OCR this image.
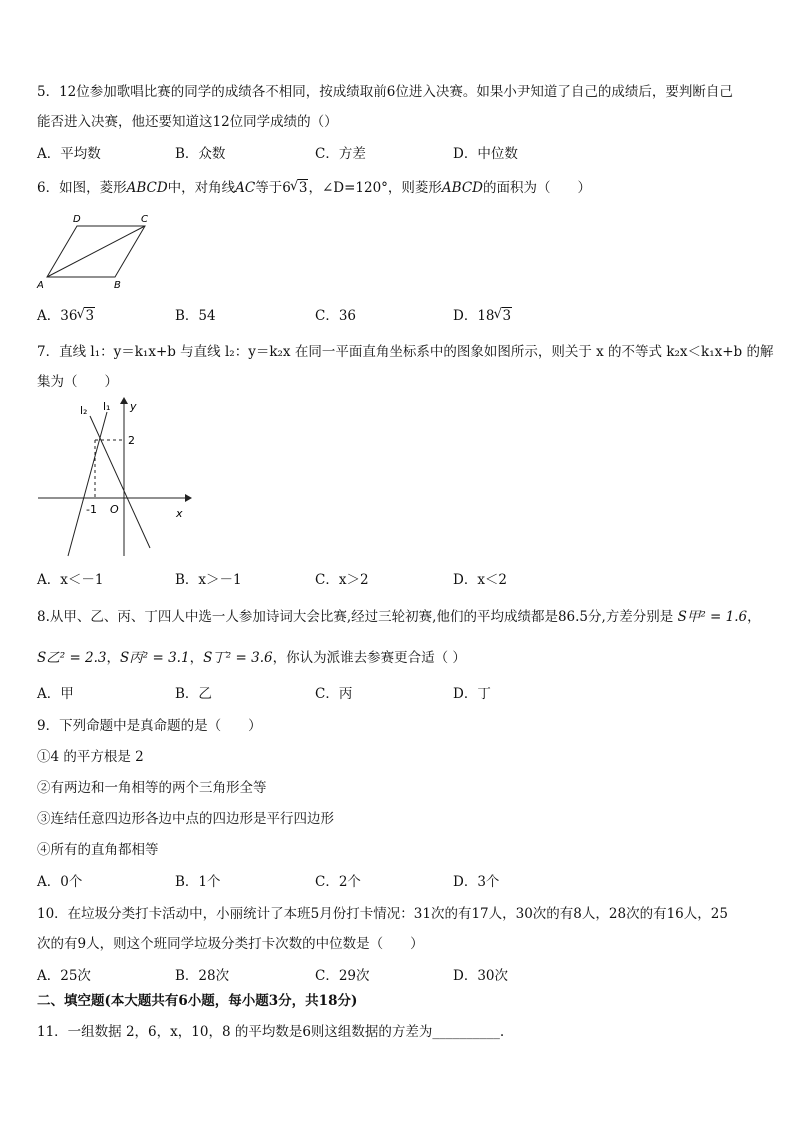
5．12位参加歌唱比赛的同学的成绩各不相同，按成绩取前6位进入决赛。如果小尹知道了自己的成绩后，要判断自己
能否进入决赛，他还要知道这12位同学成绩的（）
A．平均数	B．众数	C．方差	D．中位数
6．如图，菱形ABCD中，对角线AC等于6 √ 3，∠D=120°，则菱形ABCD的面积为（　　）
A	B
C
D
A．36 √ 3	B．54	C．36	D．18 √ 3
7．直线 l₁：y＝k₁x+b 与直线 l₂：y＝k₂x 在同一平面直角坐标系中的图象如图所示，则关于 x 的不等式 k₂x＜k₁x+b 的解
集为（　　）
l₂ l₁ y
2
-1 O	x
A．x＜－1	B．x＞－1	C．x＞2	D．x＜2
8.从甲、乙、丙、丁四人中选一人参加诗词大会比赛,经过三轮初赛,他们的平均成绩都是86.5分,方差分别是 S甲² = 1.6，
S乙² = 2.3，S丙² = 3.1，S丁² = 3.6，你认为派谁去参赛更合适（ ）
A．甲	B．乙	C．丙	D．丁
9．下列命题中是真命题的是（　　）
①4 的平方根是 2
②有两边和一角相等的两个三角形全等
③连结任意四边形各边中点的四边形是平行四边形
④所有的直角都相等
A．0个	B．1个	C．2个	D．3个
10．在垃圾分类打卡活动中，小丽统计了本班5月份打卡情况：31次的有17人，30次的有8人，28次的有16人，25
次的有9人，则这个班同学垃圾分类打卡次数的中位数是（　　）
A．25次	B．28次	C．29次	D．30次
二、填空题(本大题共有6小题，每小题3分，共18分)
11．一组数据 2，6，x，10，8 的平均数是6则这组数据的方差为__________.
